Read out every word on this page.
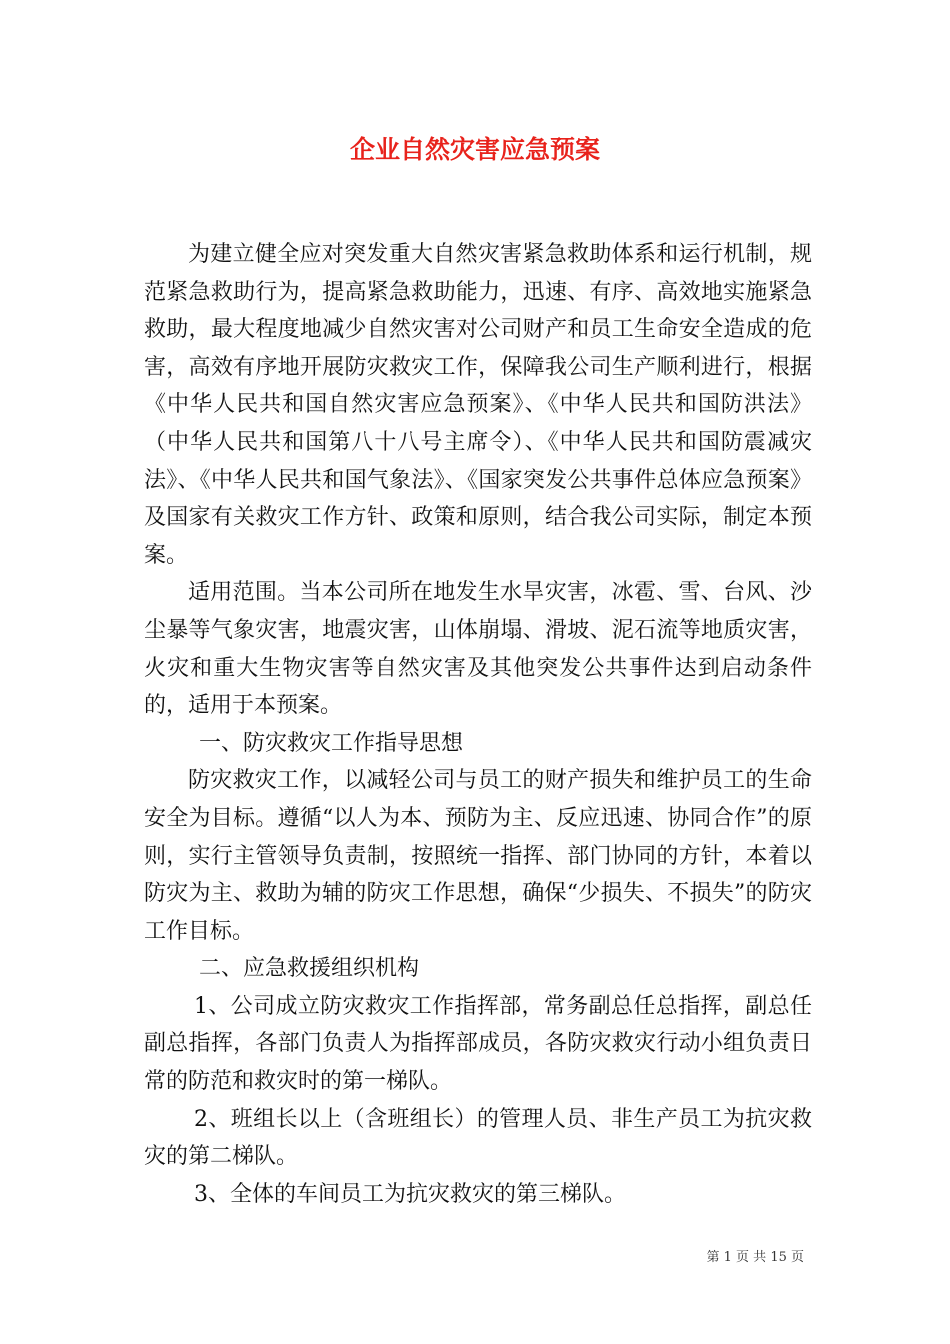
企业自然灾害应急预案

为建立健全应对突发重大自然灾害紧急救助体系和运行机制，规范紧急救助行为，提高紧急救助能力，迅速、有序、高效地实施紧急救助，最大程度地减少自然灾害对公司财产和员工生命安全造成的危害，高效有序地开展防灾救灾工作，保障我公司生产顺利进行，根据《中华人民共和国自然灾害应急预案》、《中华人民共和国防洪法》（中华人民共和国第八十八号主席令）、《中华人民共和国防震减灾法》、《中华人民共和国气象法》、《国家突发公共事件总体应急预案》及国家有关救灾工作方针、政策和原则，结合我公司实际，制定本预案。

适用范围。当本公司所在地发生水旱灾害，冰雹、雪、台风、沙尘暴等气象灾害，地震灾害，山体崩塌、滑坡、泥石流等地质灾害，火灾和重大生物灾害等自然灾害及其他突发公共事件达到启动条件的，适用于本预案。

一、防灾救灾工作指导思想

防灾救灾工作，以减轻公司与员工的财产损失和维护员工的生命安全为目标。遵循“以人为本、预防为主、反应迅速、协同合作”的原则，实行主管领导负责制，按照统一指挥、部门协同的方针，本着以防灾为主、救助为辅的防灾工作思想，确保“少损失、不损失”的防灾工作目标。

二、应急救援组织机构

1、公司成立防灾救灾工作指挥部，常务副总任总指挥，副总任副总指挥，各部门负责人为指挥部成员，各防灾救灾行动小组负责日常的防范和救灾时的第一梯队。

2、班组长以上（含班组长）的管理人员、非生产员工为抗灾救灾的第二梯队。

3、全体的车间员工为抗灾救灾的第三梯队。

第 1 页 共 15 页
